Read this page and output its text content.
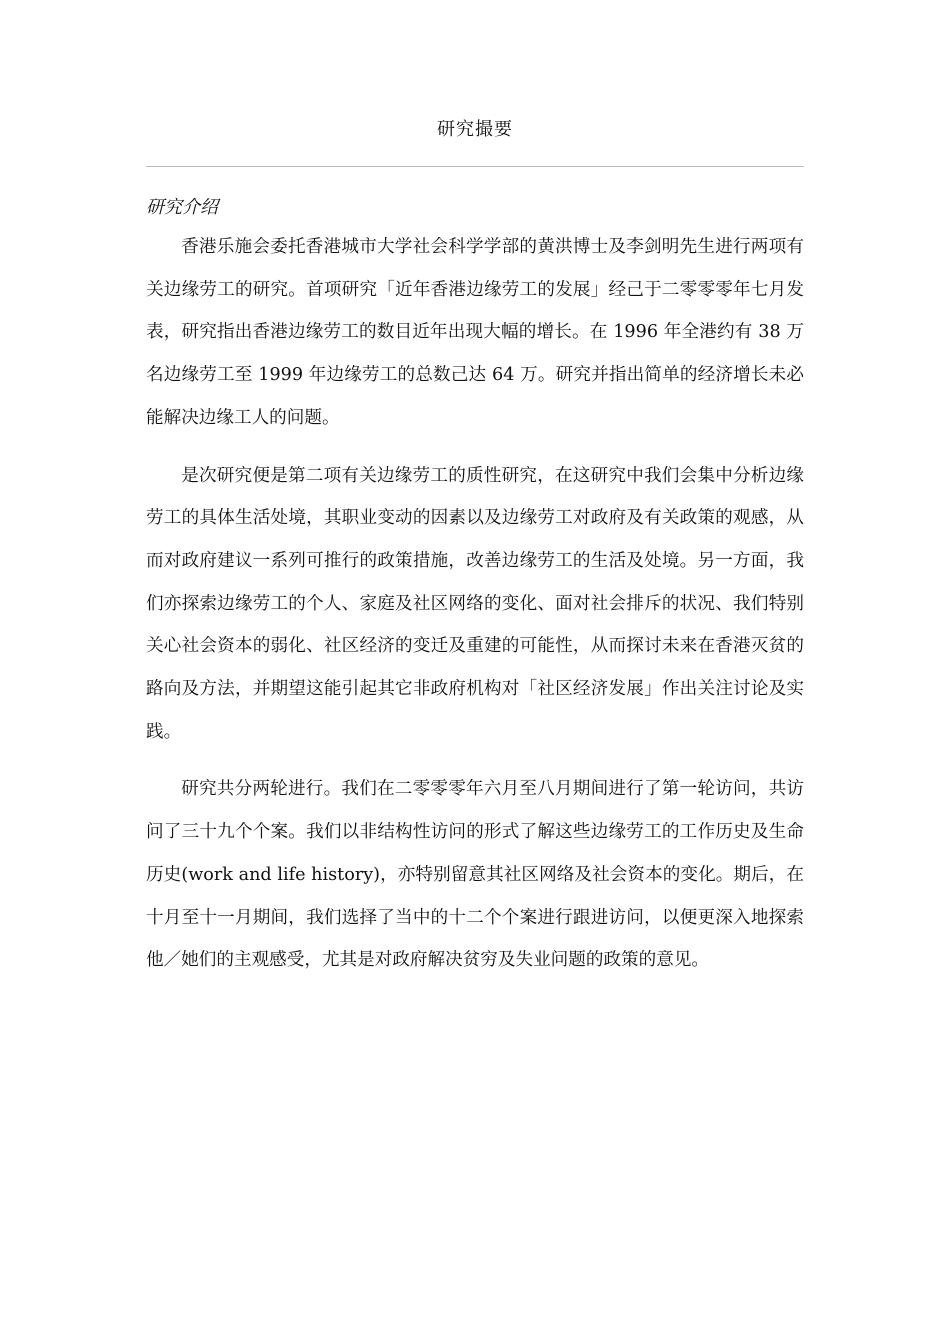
研究撮要
研究介绍

香港乐施会委托香港城市大学社会科学学部的黄洪博士及李剑明先生进行两项有关边缘劳工的研究。首项研究「近年香港边缘劳工的发展」经己于二零零零年七月发表，研究指出香港边缘劳工的数目近年出现大幅的增长。在 1996 年全港约有 38 万名边缘劳工至 1999 年边缘劳工的总数己达 64 万。研究并指出简单的经济增长未必能解决边缘工人的问题。

是次研究便是第二项有关边缘劳工的质性研究，在这研究中我们会集中分析边缘劳工的具体生活处境，其职业变动的因素以及边缘劳工对政府及有关政策的观感，从而对政府建议一系列可推行的政策措施，改善边缘劳工的生活及处境。另一方面，我们亦探索边缘劳工的个人、家庭及社区网络的变化、面对社会排斥的状况、我们特别关心社会资本的弱化、社区经济的变迁及重建的可能性，从而探讨未来在香港灭贫的路向及方法，并期望这能引起其它非政府机构对「社区经济发展」作出关注讨论及实践。

研究共分两轮进行。我们在二零零零年六月至八月期间进行了第一轮访问，共访问了三十九个个案。我们以非结构性访问的形式了解这些边缘劳工的工作历史及生命历史(work and life history)，亦特别留意其社区网络及社会资本的变化。期后，在十月至十一月期间，我们选择了当中的十二个个案进行跟进访问，以便更深入地探索他／她们的主观感受，尤其是对政府解决贫穷及失业问题的政策的意见。
